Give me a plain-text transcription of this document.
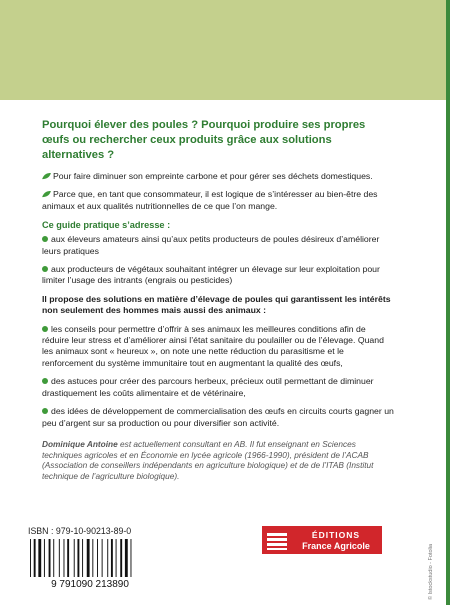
Pourquoi élever des poules ? Pourquoi produire ses propres œufs ou rechercher ceux produits grâce aux solutions alternatives ?

Pour faire diminuer son empreinte carbone et pour gérer ses déchets domestiques.

Parce que, en tant que consommateur, il est logique de s’intéresser au bien-être des animaux et aux qualités nutritionnelles de ce que l’on mange.

Ce guide pratique s’adresse :

aux éleveurs amateurs ainsi qu’aux petits producteurs de poules désireux d’améliorer leurs pratiques

aux producteurs de végétaux souhaitant intégrer un élevage sur leur exploitation pour limiter l’usage des intrants (engrais ou pesticides)

Il propose des solutions en matière d’élevage de poules qui garantissent les intérêts non seulement des hommes mais aussi des animaux :

les conseils pour permettre d’offrir à ses animaux les meilleures conditions afin de réduire leur stress et d’améliorer ainsi l’état sanitaire du poulailler ou de l’élevage. Quand les animaux sont « heureux », on note une nette réduction du parasitisme et le renforcement du système immunitaire tout en augmentant la qualité des œufs,

des astuces pour créer des parcours herbeux, précieux outil permettant de diminuer drastiquement les coûts alimentaire et de vétérinaire,

des idées de développement de commercialisation des œufs en circuits courts gagner un peu d’argent sur sa production ou pour diversifier son activité.

Dominique Antoine est actuellement consultant en AB. Il fut enseignant en Sciences techniques agricoles et en Économie en lycée agricole (1966-1990), président de l’ACAB (Association de conseillers indépendants en agriculture biologique) et de de l’ITAB (Institut technique de l’agriculture biologique).

ISBN : 979-10-90213-89-0
9 791090 213890
ÉDITIONS
France Agricole	© Istockstudio - Fotolia
